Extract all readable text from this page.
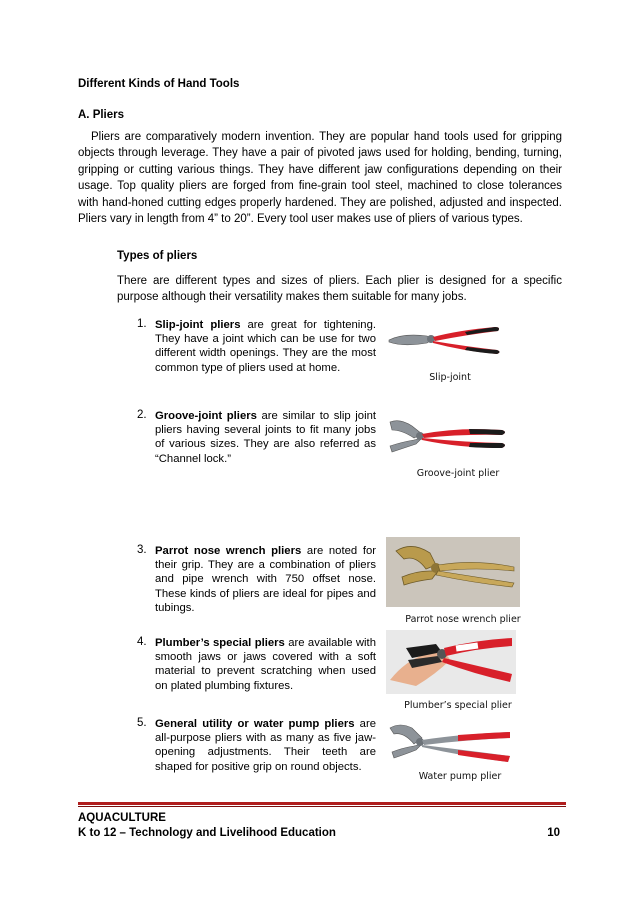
Different Kinds of Hand Tools
A. Pliers
Pliers are comparatively modern invention. They are popular hand tools used for gripping objects through leverage. They have a pair of pivoted jaws used for holding, bending, turning, gripping or cutting various things. They have different jaw configurations depending on their usage. Top quality pliers are forged from fine-grain tool steel, machined to close tolerances with hand-honed cutting edges properly hardened. They are polished, adjusted and inspected. Pliers vary in length from 4” to 20”. Every tool user makes use of pliers of various types.
Types of pliers
There are different types and sizes of pliers. Each plier is designed for a specific purpose although their versatility makes them suitable for many jobs.
1. Slip-joint pliers are great for tightening. They have a joint which can be use for two different width openings. They are the most common type of pliers used at home.
2. Groove-joint pliers are similar to slip joint pliers having several joints to fit many jobs of various sizes. They are also referred as “Channel lock.”
3. Parrot nose wrench pliers are noted for their grip. They are a combination of pliers and pipe wrench with 750 offset nose. These kinds of pliers are ideal for pipes and tubings.
4. Plumber’s special pliers are available with smooth jaws or jaws covered with a soft material to prevent scratching when used on plated plumbing fixtures.
5. General utility or water pump pliers are all-purpose pliers with as many as five jaw-opening adjustments. Their teeth are shaped for positive grip on round objects.
Slip-joint
Groove-joint plier
Parrot nose wrench plier
Plumber’s special plier
Water pump plier
AQUACULTURE
K to 12 – Technology and Livelihood Education	10
